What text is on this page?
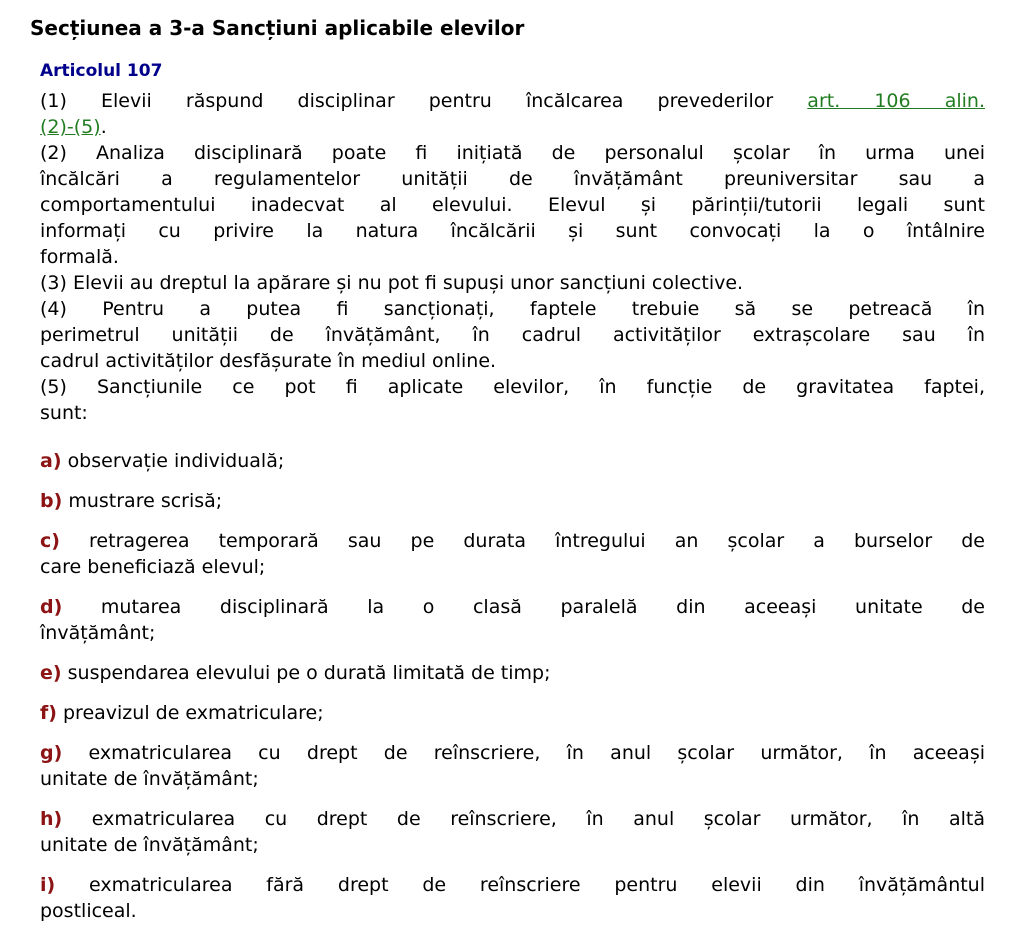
Secțiunea a 3-a Sancțiuni aplicabile elevilor
Articolul 107

(1) Elevii răspund disciplinar pentru încălcarea prevederilor art. 106 alin.
(2)-(5).

(2) Analiza disciplinară poate fi inițiată de personalul școlar în urma unei
încălcări a regulamentelor unității de învățământ preuniversitar sau a
comportamentului inadecvat al elevului. Elevul și părinții/tutorii legali sunt
informați cu privire la natura încălcării și sunt convocați la o întâlnire
formală.

(3) Elevii au dreptul la apărare și nu pot fi supuși unor sancțiuni colective.

(4) Pentru a putea fi sancționați, faptele trebuie să se petreacă în
perimetrul unității de învățământ, în cadrul activităților extrașcolare sau în
cadrul activităților desfășurate în mediul online.

(5) Sancțiunile ce pot fi aplicate elevilor, în funcție de gravitatea faptei,
sunt:

a) observație individuală;

b) mustrare scrisă;

c) retragerea temporară sau pe durata întregului an școlar a burselor de
care beneficiază elevul;

d) mutarea disciplinară la o clasă paralelă din aceeași unitate de
învățământ;

e) suspendarea elevului pe o durată limitată de timp;

f) preavizul de exmatriculare;

g) exmatricularea cu drept de reînscriere, în anul școlar următor, în aceeași
unitate de învățământ;

h) exmatricularea cu drept de reînscriere, în anul școlar următor, în altă
unitate de învățământ;

i) exmatricularea fără drept de reînscriere pentru elevii din învățământul
postliceal.
